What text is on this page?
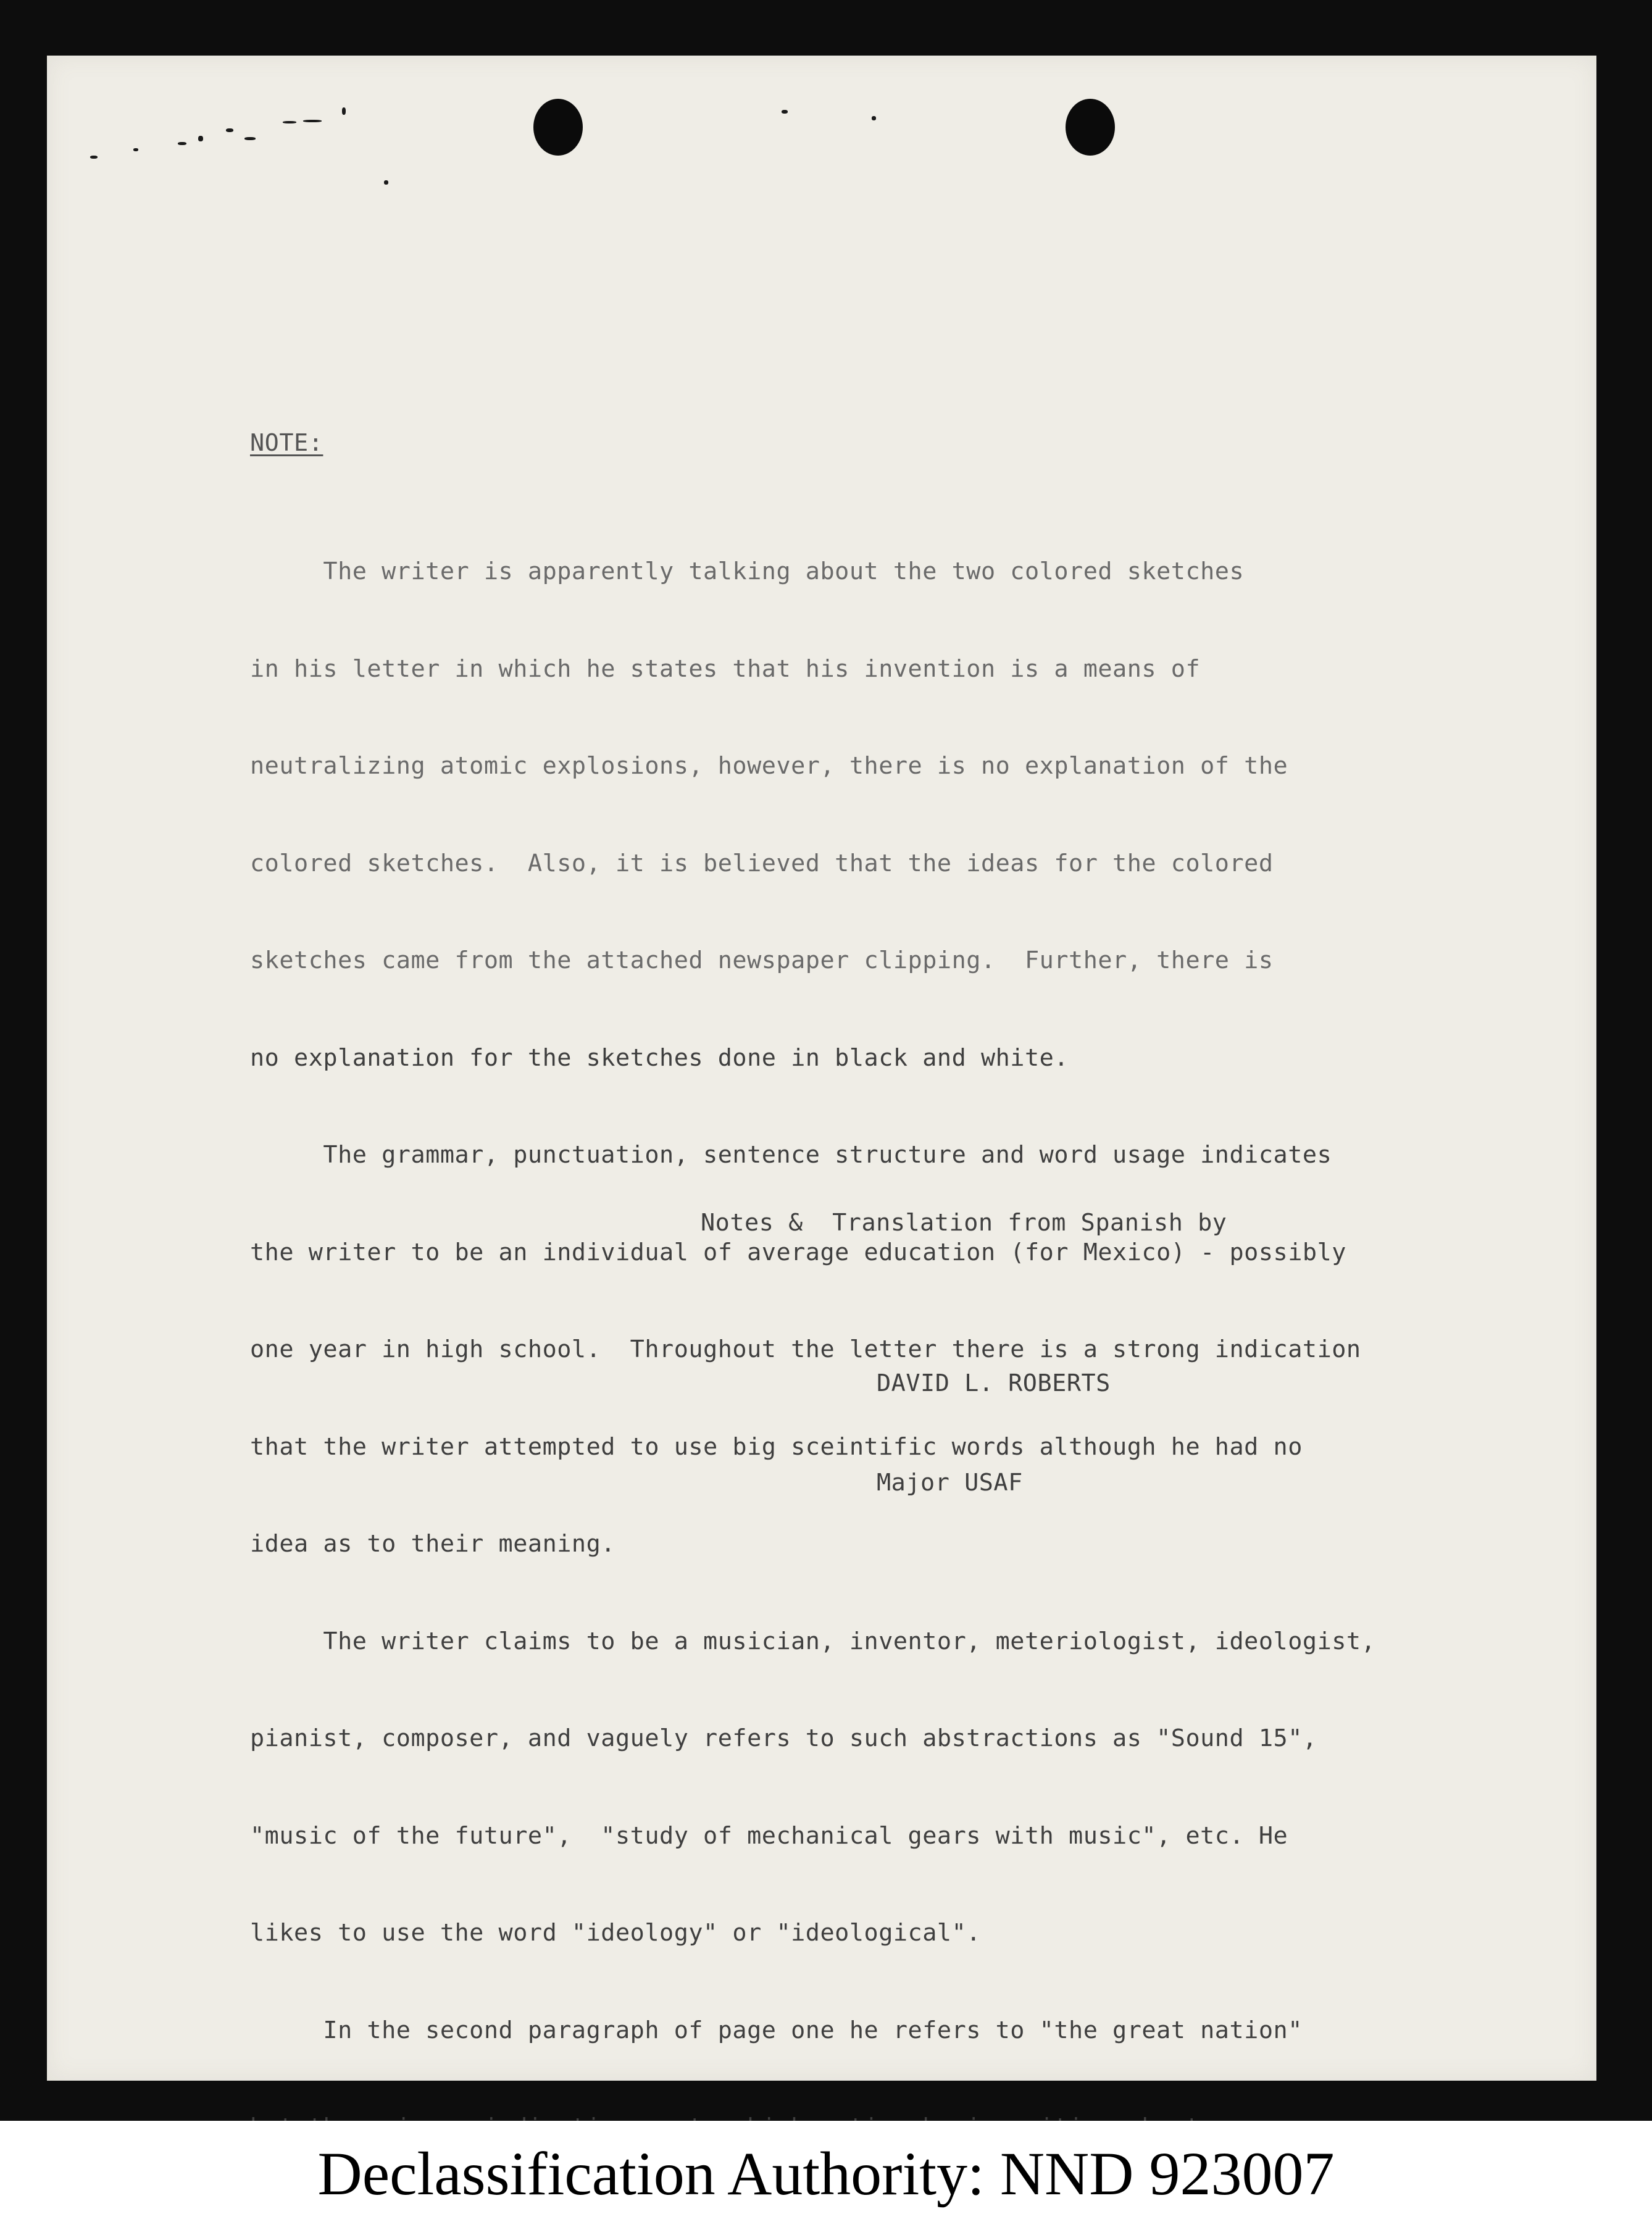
NOTE:

The writer is apparently talking about the two colored sketches

in his letter in which he states that his invention is a means of

neutralizing atomic explosions, however, there is no explanation of the

colored sketches.  Also, it is believed that the ideas for the colored

sketches came from the attached newspaper clipping.  Further, there is

no explanation for the sketches done in black and white.

The grammar, punctuation, sentence structure and word usage indicates

the writer to be an individual of average education (for Mexico) - possibly

one year in high school.  Throughout the letter there is a strong indication

that the writer attempted to use big sceintific words although he had no

idea as to their meaning.

The writer claims to be a musician, inventor, meteriologist, ideologist,

pianist, composer, and vaguely refers to such abstractions as "Sound 15",

"music of the future",  "study of mechanical gears with music", etc. He

likes to use the word "ideology" or "ideological".

In the second paragraph of page one he refers to "the great nation"

Notes &  Translation from Spanish by

DAVID L. ROBERTS

Major USAF

Declassification Authority: NND 923007
